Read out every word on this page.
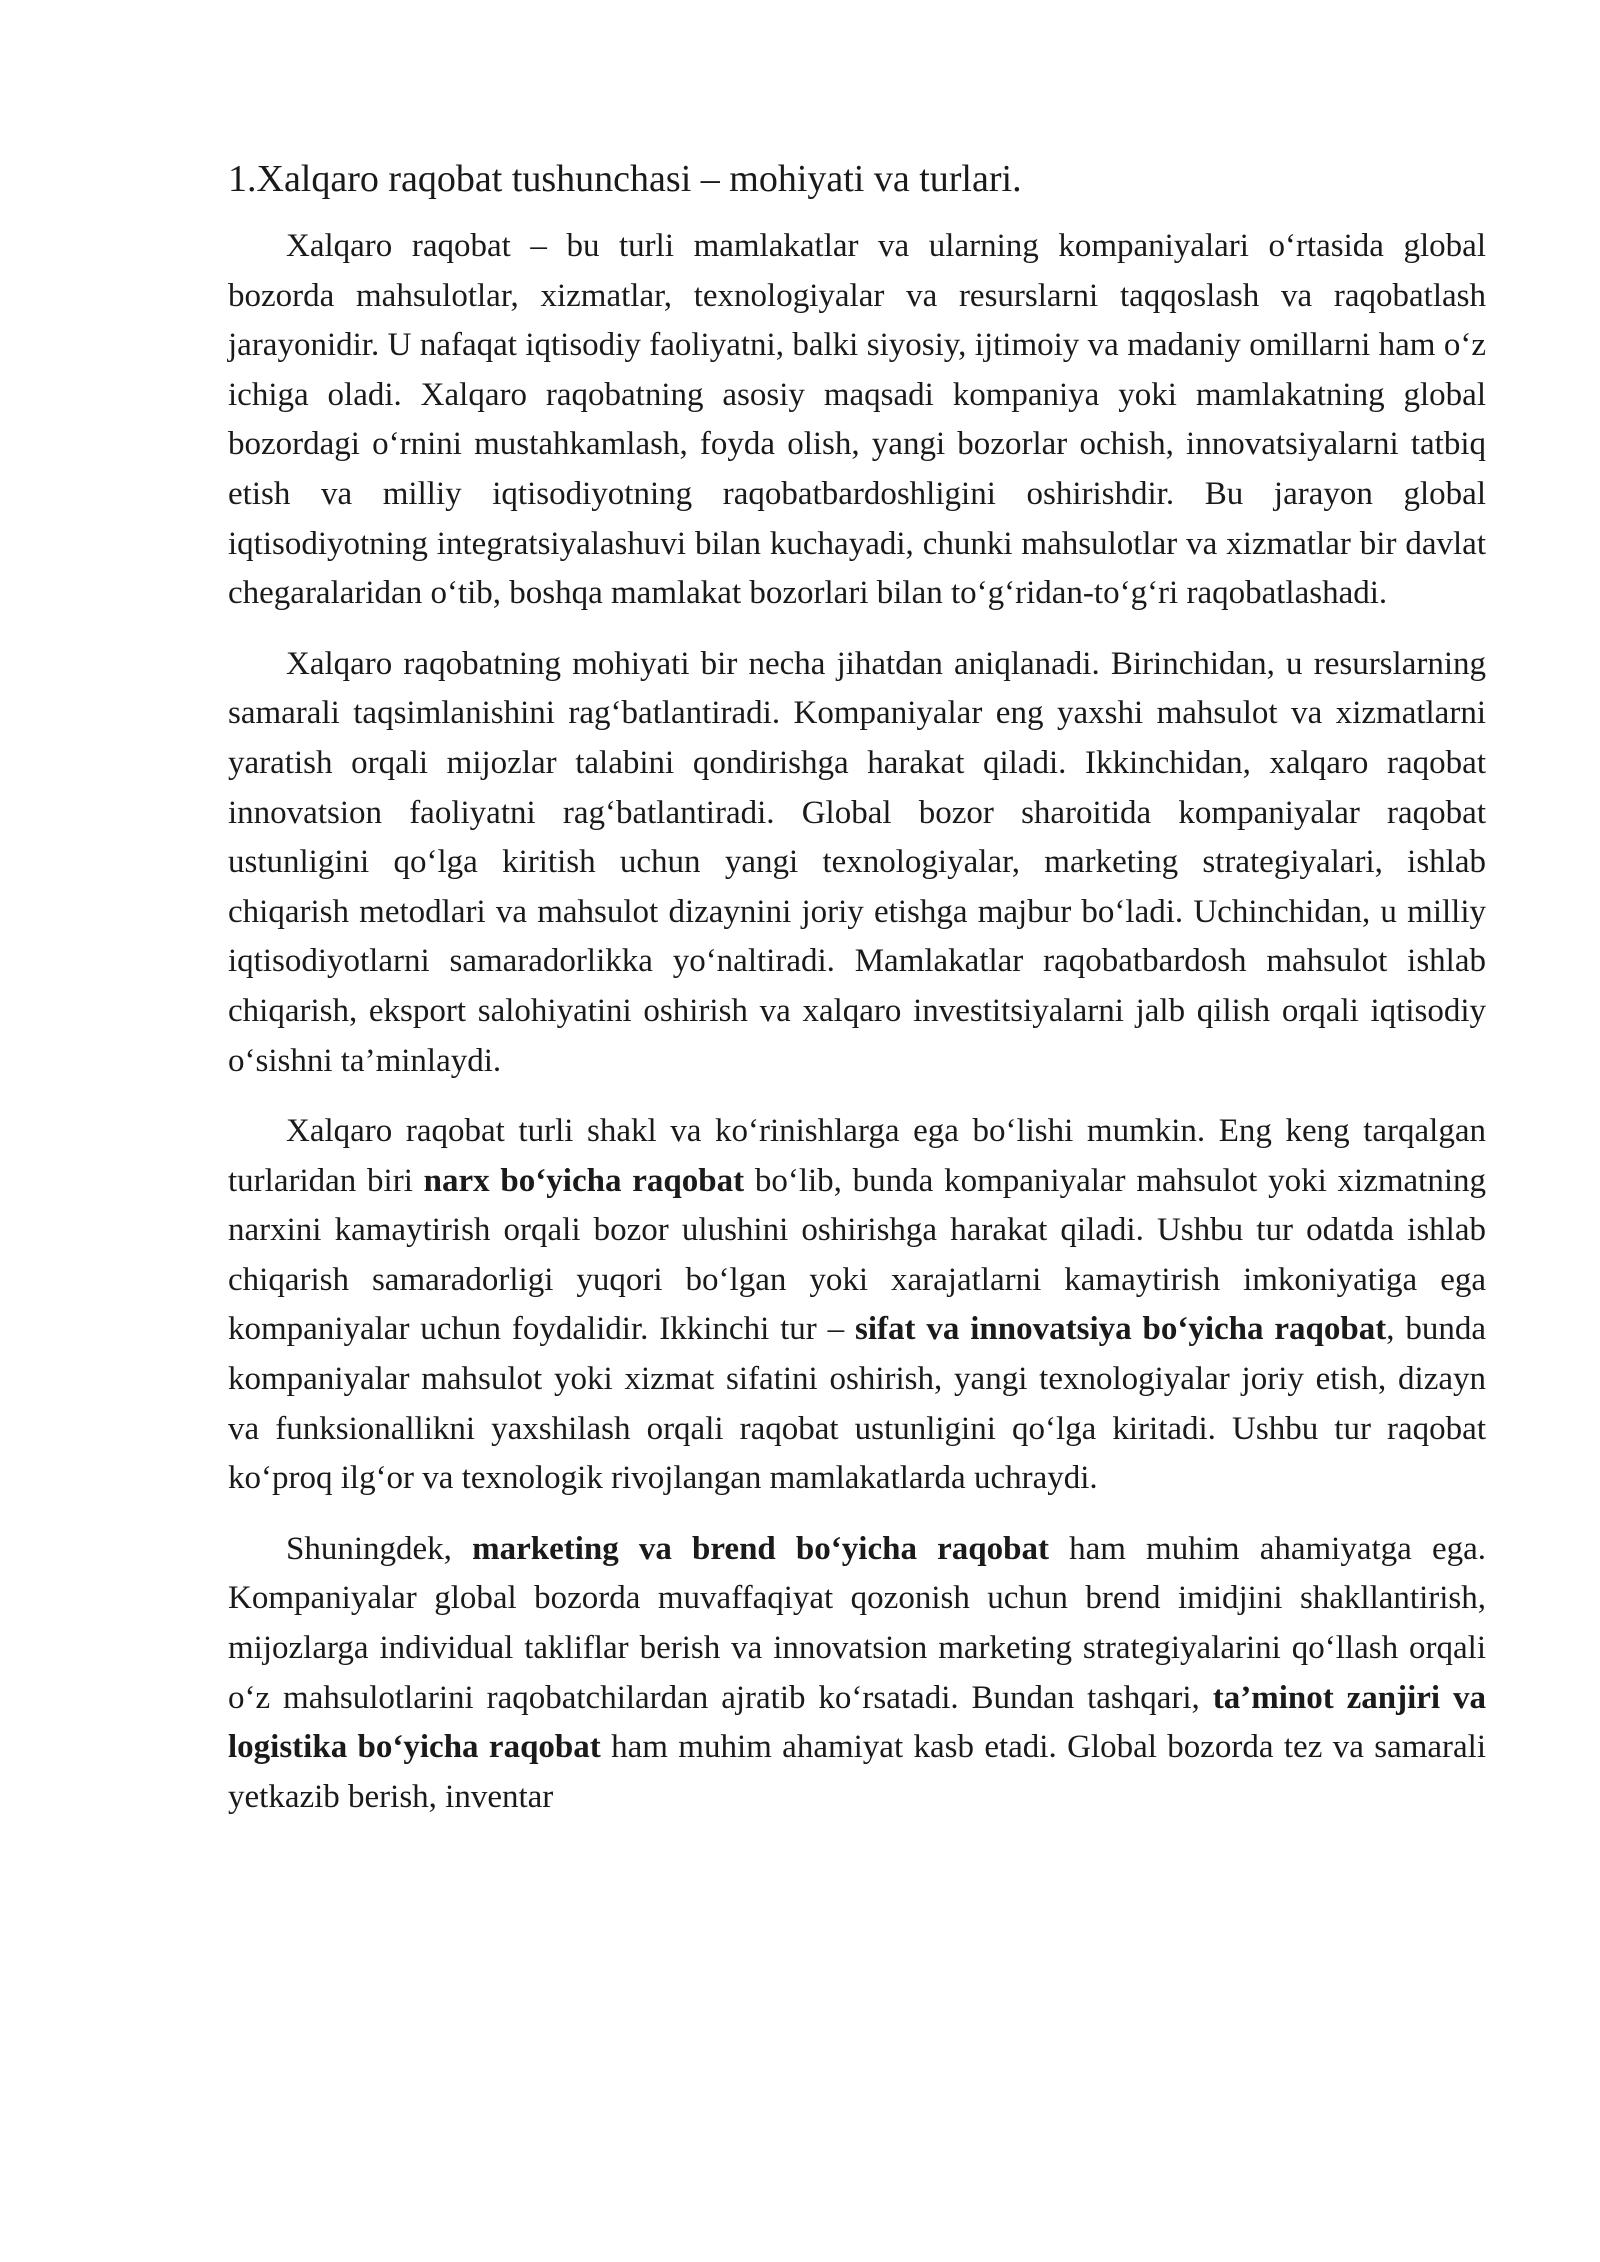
1.Xalqaro raqobat tushunchasi – mohiyati va turlari.

Xalqaro raqobat – bu turli mamlakatlar va ularning kompaniyalari o‘rtasida global bozorda mahsulotlar, xizmatlar, texnologiyalar va resurslarni taqqoslash va raqobatlash jarayonidir. U nafaqat iqtisodiy faoliyatni, balki siyosiy, ijtimoiy va madaniy omillarni ham o‘z ichiga oladi. Xalqaro raqobatning asosiy maqsadi kompaniya yoki mamlakatning global bozordagi o‘rnini mustahkamlash, foyda olish, yangi bozorlar ochish, innovatsiyalarni tatbiq etish va milliy iqtisodiyotning raqobatbardoshligini oshirishdir. Bu jarayon global iqtisodiyotning integratsiyalashuvi bilan kuchayadi, chunki mahsulotlar va xizmatlar bir davlat chegaralaridan o‘tib, boshqa mamlakat bozorlari bilan to‘g‘ridan-to‘g‘ri raqobatlashadi.

Xalqaro raqobatning mohiyati bir necha jihatdan aniqlanadi. Birinchidan, u resurslarning samarali taqsimlanishini rag‘batlantiradi. Kompaniyalar eng yaxshi mahsulot va xizmatlarni yaratish orqali mijozlar talabini qondirishga harakat qiladi. Ikkinchidan, xalqaro raqobat innovatsion faoliyatni rag‘batlantiradi. Global bozor sharoitida kompaniyalar raqobat ustunligini qo‘lga kiritish uchun yangi texnologiyalar, marketing strategiyalari, ishlab chiqarish metodlari va mahsulot dizaynini joriy etishga majbur bo‘ladi. Uchinchidan, u milliy iqtisodiyotlarni samaradorlikka yo‘naltiradi. Mamlakatlar raqobatbardosh mahsulot ishlab chiqarish, eksport salohiyatini oshirish va xalqaro investitsiyalarni jalb qilish orqali iqtisodiy o‘sishni ta’minlaydi.

Xalqaro raqobat turli shakl va ko‘rinishlarga ega bo‘lishi mumkin. Eng keng tarqalgan turlaridan biri narx bo‘yicha raqobat bo‘lib, bunda kompaniyalar mahsulot yoki xizmatning narxini kamaytirish orqali bozor ulushini oshirishga harakat qiladi. Ushbu tur odatda ishlab chiqarish samaradorligi yuqori bo‘lgan yoki xarajatlarni kamaytirish imkoniyatiga ega kompaniyalar uchun foydalidir. Ikkinchi tur – sifat va innovatsiya bo‘yicha raqobat, bunda kompaniyalar mahsulot yoki xizmat sifatini oshirish, yangi texnologiyalar joriy etish, dizayn va funksionallikni yaxshilash orqali raqobat ustunligini qo‘lga kiritadi. Ushbu tur raqobat ko‘proq ilg‘or va texnologik rivojlangan mamlakatlarda uchraydi.

Shuningdek, marketing va brend bo‘yicha raqobat ham muhim ahamiyatga ega. Kompaniyalar global bozorda muvaffaqiyat qozonish uchun brend imidjini shakllantirish, mijozlarga individual takliflar berish va innovatsion marketing strategiyalarini qo‘llash orqali o‘z mahsulotlarini raqobatchilardan ajratib ko‘rsatadi. Bundan tashqari, ta’minot zanjiri va logistika bo‘yicha raqobat ham muhim ahamiyat kasb etadi. Global bozorda tez va samarali yetkazib berish, inventar
